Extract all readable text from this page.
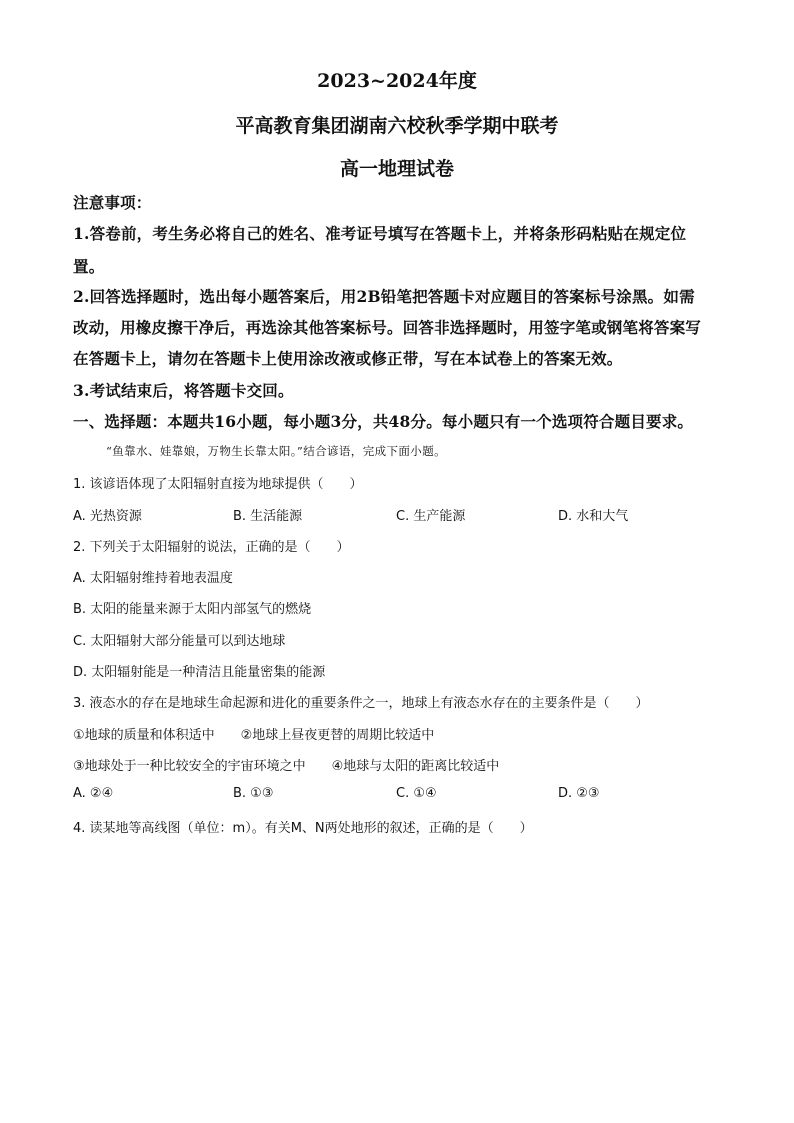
2023~2024年度
平高教育集团湖南六校秋季学期中联考
高一地理试卷
注意事项：
1.答卷前，考生务必将自己的姓名、准考证号填写在答题卡上，并将条形码粘贴在规定位
置。
2.回答选择题时，选出每小题答案后，用2B铅笔把答题卡对应题目的答案标号涂黑。如需
改动，用橡皮擦干净后，再选涂其他答案标号。回答非选择题时，用签字笔或钢笔将答案写
在答题卡上，请勿在答题卡上使用涂改液或修正带，写在本试卷上的答案无效。
3.考试结束后，将答题卡交回。
一、选择题：本题共16小题，每小题3分，共48分。每小题只有一个选项符合题目要求。
“鱼靠水、娃靠娘，万物生长靠太阳。”结合谚语，完成下面小题。
1. 该谚语体现了太阳辐射直接为地球提供（　　）
A. 光热资源	B. 生活能源	C. 生产能源	D. 水和大气
2. 下列关于太阳辐射的说法，正确的是（　　）
A. 太阳辐射维持着地表温度
B. 太阳的能量来源于太阳内部氢气的燃烧
C. 太阳辐射大部分能量可以到达地球
D. 太阳辐射能是一种清洁且能量密集的能源
3. 液态水的存在是地球生命起源和进化的重要条件之一，地球上有液态水存在的主要条件是（　　）
①地球的质量和体积适中　　②地球上昼夜更替的周期比较适中
③地球处于一种比较安全的宇宙环境之中　　④地球与太阳的距离比较适中
A. ②④	B. ①③	C. ①④	D. ②③
4. 读某地等高线图（单位：m）。有关M、N两处地形的叙述，正确的是（　　）
